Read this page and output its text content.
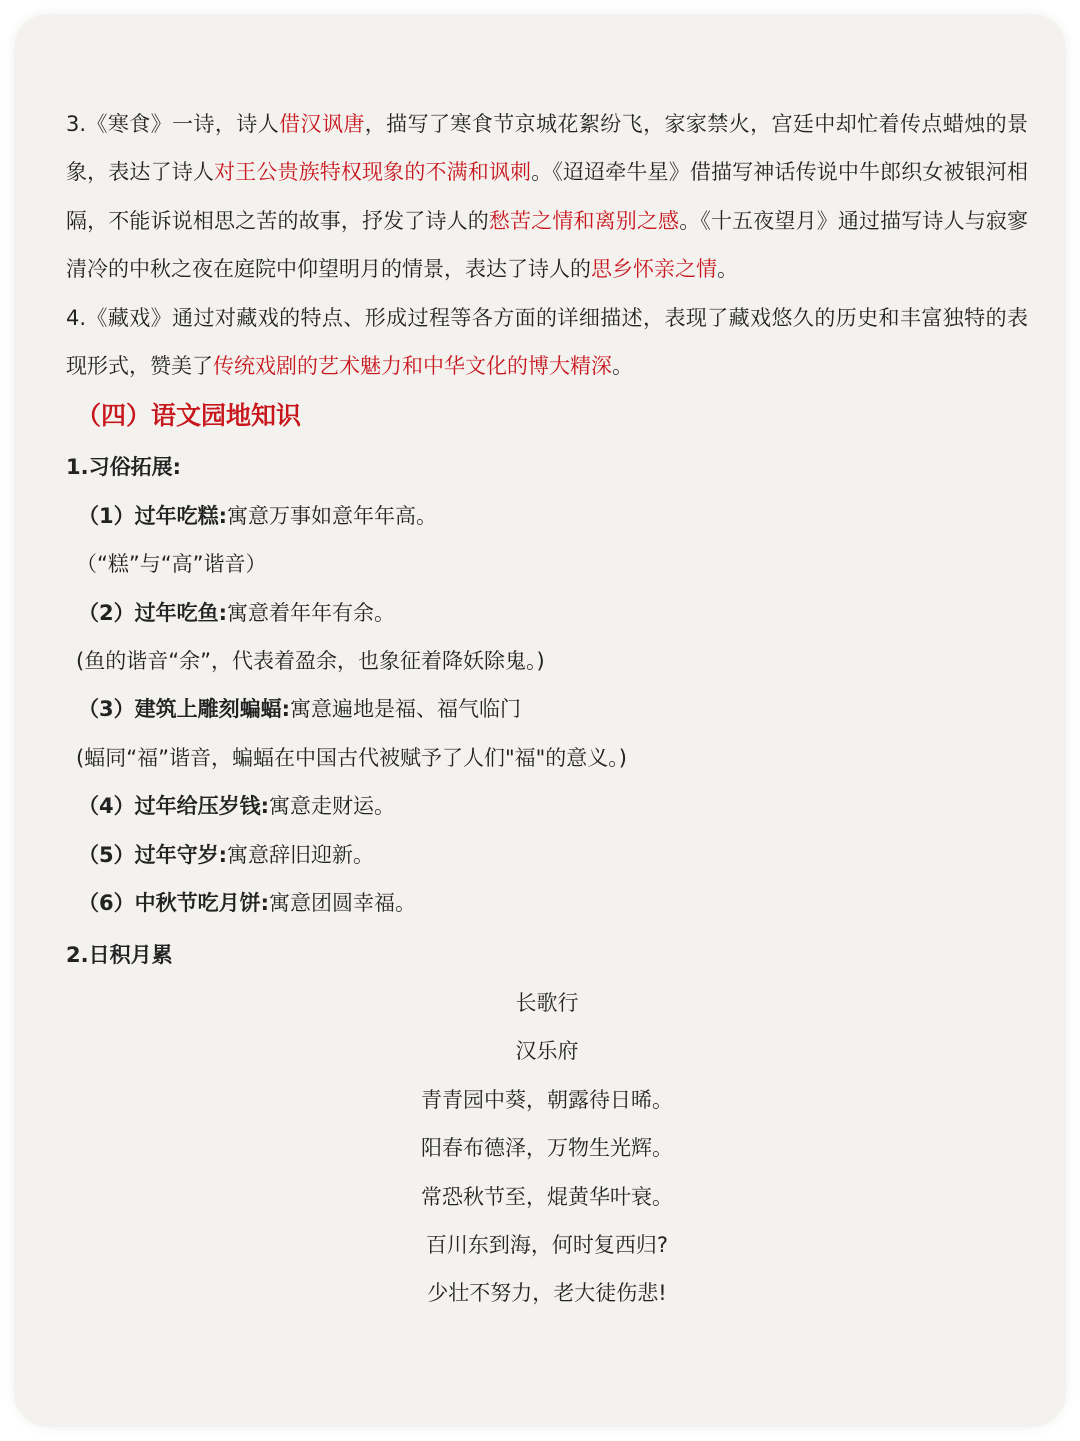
3.《寒食》一诗，诗人借汉讽唐，描写了寒食节京城花絮纷飞，家家禁火，宫廷中却忙着传点蜡烛的景象，表达了诗人对王公贵族特权现象的不满和讽刺。《迢迢牵牛星》借描写神话传说中牛郎织女被银河相隔，不能诉说相思之苦的故事，抒发了诗人的愁苦之情和离别之感。《十五夜望月》通过描写诗人与寂寥清冷的中秋之夜在庭院中仰望明月的情景，表达了诗人的思乡怀亲之情。

4.《藏戏》通过对藏戏的特点、形成过程等各方面的详细描述，表现了藏戏悠久的历史和丰富独特的表现形式，赞美了传统戏剧的艺术魅力和中华文化的博大精深。

（四）语文园地知识
1.习俗拓展:
（1）过年吃糕:寓意万事如意年年高。
（“糕”与“高”谐音）
（2）过年吃鱼:寓意着年年有余。
(鱼的谐音“余”，代表着盈余，也象征着降妖除鬼。)
（3）建筑上雕刻蝙蝠:寓意遍地是福、福气临门
(蝠同“福”谐音，蝙蝠在中国古代被赋予了人们"福"的意义。)
（4）过年给压岁钱:寓意走财运。
（5）过年守岁:寓意辞旧迎新。
（6）中秋节吃月饼:寓意团圆幸福。
2.日积月累
长歌行
汉乐府
青青园中葵，朝露待日晞。
阳春布德泽，万物生光辉。
常恐秋节至，焜黄华叶衰。
百川东到海，何时复西归?
少壮不努力，老大徒伤悲!
